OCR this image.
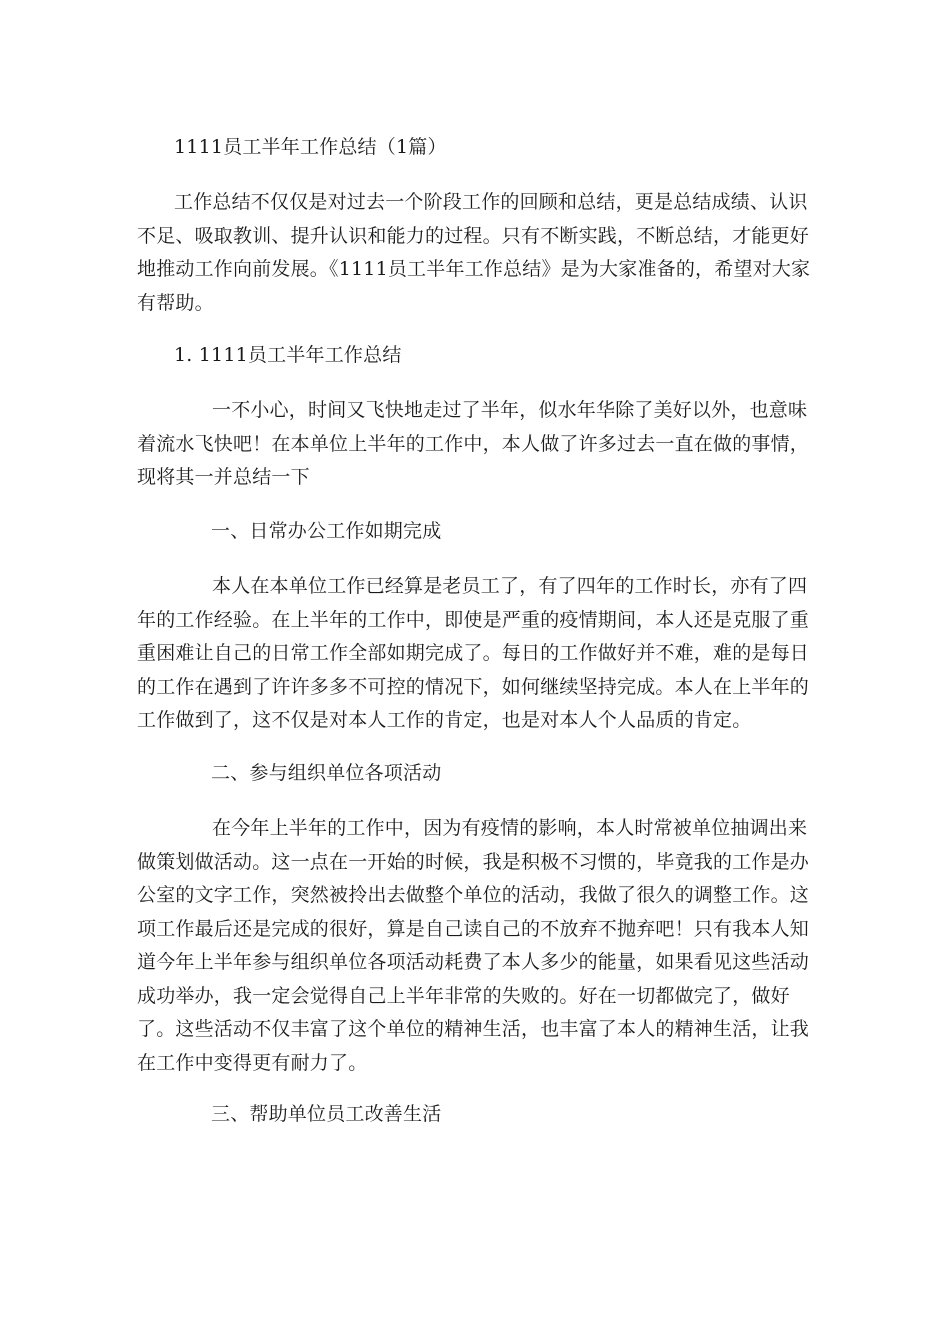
1111员工半年工作总结（1篇）
工作总结不仅仅是对过去一个阶段工作的回顾和总结，更是总结成绩、认识不足、吸取教训、提升认识和能力的过程。只有不断实践，不断总结，才能更好地推动工作向前发展。《1111员工半年工作总结》是为大家准备的，希望对大家有帮助。
1. 1111员工半年工作总结
一不小心，时间又飞快地走过了半年，似水年华除了美好以外，也意味着流水飞快吧！在本单位上半年的工作中，本人做了许多过去一直在做的事情，现将其一并总结一下
一、日常办公工作如期完成
本人在本单位工作已经算是老员工了，有了四年的工作时长，亦有了四年的工作经验。在上半年的工作中，即使是严重的疫情期间，本人还是克服了重重困难让自己的日常工作全部如期完成了。每日的工作做好并不难，难的是每日的工作在遇到了许许多多不可控的情况下，如何继续坚持完成。本人在上半年的工作做到了，这不仅是对本人工作的肯定，也是对本人个人品质的肯定。
二、参与组织单位各项活动
在今年上半年的工作中，因为有疫情的影响，本人时常被单位抽调出来做策划做活动。这一点在一开始的时候，我是积极不习惯的，毕竟我的工作是办公室的文字工作，突然被拎出去做整个单位的活动，我做了很久的调整工作。这项工作最后还是完成的很好，算是自己读自己的不放弃不抛弃吧！只有我本人知道今年上半年参与组织单位各项活动耗费了本人多少的能量，如果看见这些活动成功举办，我一定会觉得自己上半年非常的失败的。好在一切都做完了，做好了。这些活动不仅丰富了这个单位的精神生活，也丰富了本人的精神生活，让我在工作中变得更有耐力了。
三、帮助单位员工改善生活
